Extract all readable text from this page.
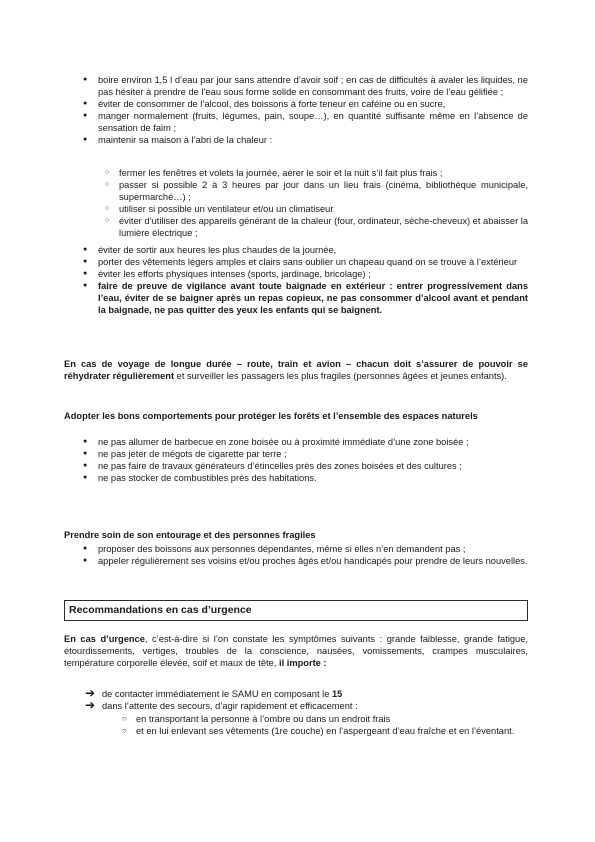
● boire environ 1,5 l d’eau par jour sans attendre d’avoir soif ; en cas de difficultés à avaler les liquides, ne pas hésiter à prendre de l’eau sous forme solide en consommant des fruits, voire de l’eau gélifiée ;
● éviter de consommer de l’alcool, des boissons à forte teneur en caféine ou en sucre,
● manger normalement (fruits, légumes, pain, soupe…), en quantité suffisante même en l’absence de sensation de faim ;
● maintenir sa maison à l’abri de la chaleur :
○ fermer les fenêtres et volets la journée, aérer le soir et la nuit s’il fait plus frais ;
○ passer si possible 2 à 3 heures par jour dans un lieu frais (cinéma, bibliothèque municipale, supermarché…) ;
○ utiliser si possible un ventilateur et/ou un climatiseur
○ éviter d’utiliser des appareils générant de la chaleur (four, ordinateur, sèche-cheveux) et abaisser la lumière électrique ;
● éviter de sortir aux heures les plus chaudes de la journée,
● porter des vêtements légers amples et clairs sans oublier un chapeau quand on se trouve à l’extérieur
● éviter les efforts physiques intenses (sports, jardinage, bricolage) ;
● faire de preuve de vigilance avant toute baignade en extérieur : entrer progressivement dans l’eau, éviter de se baigner après un repas copieux, ne pas consommer d’alcool avant et pendant la baignade, ne pas quitter des yeux les enfants qui se baignent.

En cas de voyage de longue durée – route, train et avion – chacun doit s’assurer de pouvoir se réhydrater régulièrement et surveiller les passagers les plus fragiles (personnes âgées et jeunes enfants).

Adopter les bons comportements pour protéger les forêts et l’ensemble des espaces naturels
● ne pas allumer de barbecue en zone boisée ou à proximité immédiate d’une zone boisée ;
● ne pas jeter de mégots de cigarette par terre ;
● ne pas faire de travaux générateurs d’étincelles près des zones boisées et des cultures ;
● ne pas stocker de combustibles près des habitations.
Prendre soin de son entourage et des personnes fragiles
● proposer des boissons aux personnes dépendantes, même si elles n’en demandent pas ;
● appeler régulièrement ses voisins et/ou proches âgés et/ou handicapés pour prendre de leurs nouvelles.
Recommandations en cas d’urgence

En cas d’urgence, c’est-à-dire si l’on constate les symptômes suivants : grande faiblesse, grande fatigue, étourdissements, vertiges, troubles de la conscience, nausées, vomissements, crampes musculaires, température corporelle élevée, soif et maux de tête, il importe :

➔ de contacter immédiatement le SAMU en composant le 15
➔ dans l’attente des secours, d’agir rapidement et efficacement :
○ en transportant la personne à l’ombre ou dans un endroit frais
○ et en lui enlevant ses vêtements (1re couche) en l’aspergeant d’eau fraîche et en l’éventant.
